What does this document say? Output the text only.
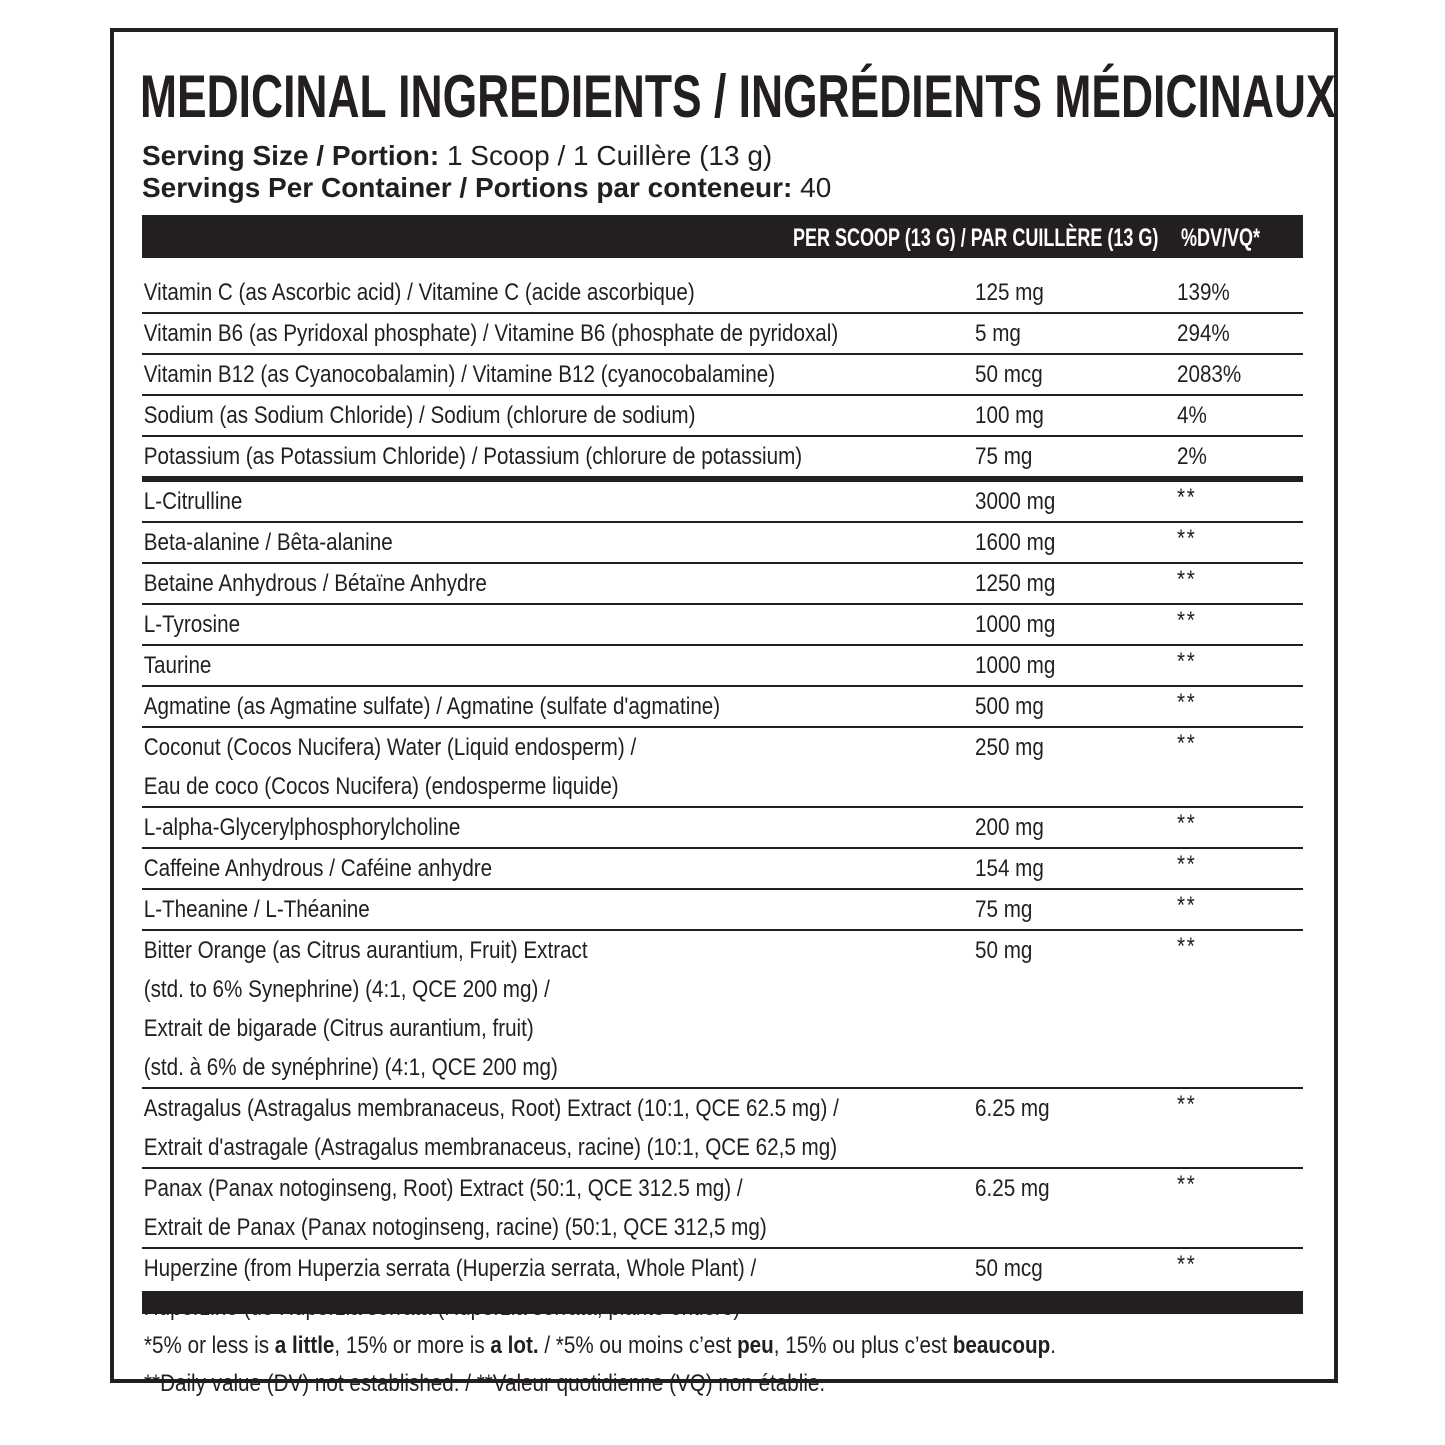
MEDICINAL INGREDIENTS / INGRÉDIENTS MÉDICINAUX
Serving Size / Portion: 1 Scoop / 1 Cuillère (13 g)
Servings Per Container / Portions par conteneur: 40
PER SCOOP (13 G) / PAR CUILLÈRE (13 G) %DV/VQ*
Vitamin C (as Ascorbic acid) / Vitamine C (acide ascorbique)	125 mg	139%
Vitamin B6 (as Pyridoxal phosphate) / Vitamine B6 (phosphate de pyridoxal)	5 mg	294%
Vitamin B12 (as Cyanocobalamin) / Vitamine B12 (cyanocobalamine)	50 mcg	2083%
Sodium (as Sodium Chloride) / Sodium (chlorure de sodium)	100 mg	4%
Potassium (as Potassium Chloride) / Potassium (chlorure de potassium)	75 mg	2%
L-Citrulline	3000 mg	**
Beta-alanine / Bêta-alanine	1600 mg	**
Betaine Anhydrous / Bétaïne Anhydre	1250 mg	**
L-Tyrosine	1000 mg	**
Taurine	1000 mg	**
Agmatine (as Agmatine sulfate) / Agmatine (sulfate d'agmatine)	500 mg	**
Coconut (Cocos Nucifera) Water (Liquid endosperm) /
Eau de coco (Cocos Nucifera) (endosperme liquide)
250 mg	**
L-alpha-Glycerylphosphorylcholine	200 mg	**
Caffeine Anhydrous / Caféine anhydre	154 mg	**
L-Theanine / L-Théanine	75 mg	**
Bitter Orange (as Citrus aurantium, Fruit) Extract
(std. to 6% Synephrine) (4:1, QCE 200 mg) /
Extrait de bigarade (Citrus aurantium, fruit)
(std. à 6% de synéphrine) (4:1, QCE 200 mg)
50 mg	**
Astragalus (Astragalus membranaceus, Root) Extract (10:1, QCE 62.5 mg) /
Extrait d'astragale (Astragalus membranaceus, racine) (10:1, QCE 62,5 mg)
6.25 mg	**
Panax (Panax notoginseng, Root) Extract (50:1, QCE 312.5 mg) /
Extrait de Panax (Panax notoginseng, racine) (50:1, QCE 312,5 mg)
6.25 mg	**
Huperzine (from Huperzia serrata (Huperzia serrata, Whole Plant) /	50 mcg	**
*5% or less is a little, 15% or more is a lot. / *5% ou moins c’est peu, 15% ou plus c’est beaucoup.
**Daily value (DV) not established. / **Valeur quotidienne (VQ) non établie.
